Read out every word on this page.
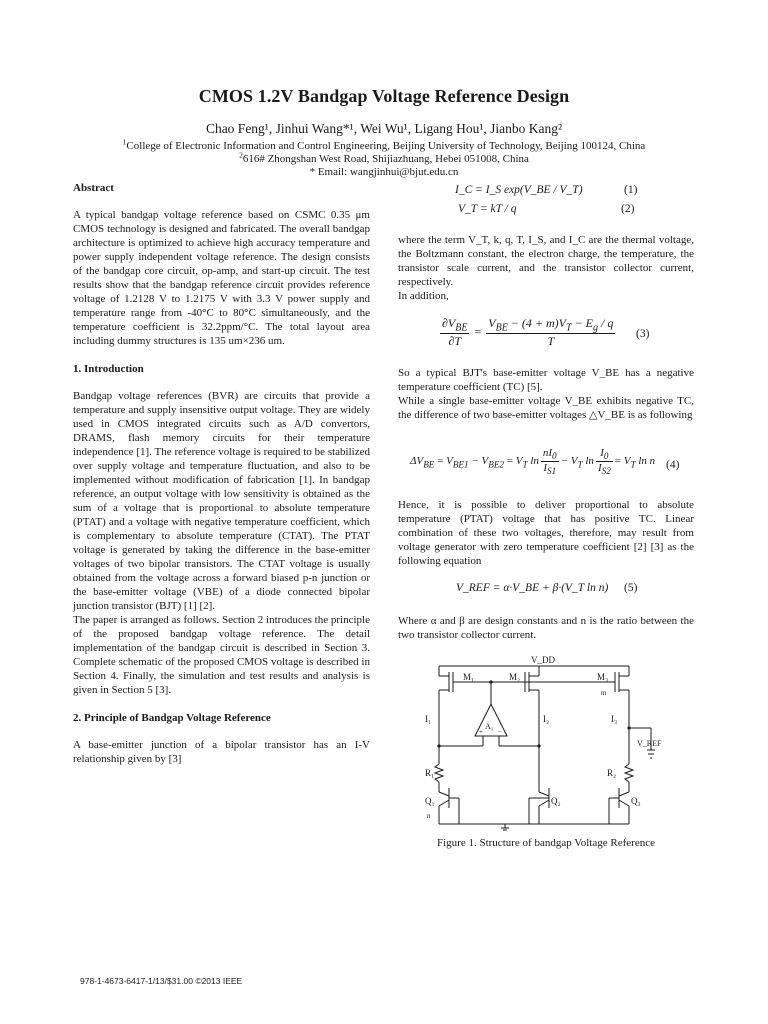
CMOS 1.2V Bandgap Voltage Reference Design
Chao Feng¹, Jinhui Wang*¹, Wei Wu¹, Ligang Hou¹, Jianbo Kang²
$^1$College of Electronic Information and Control Engineering, Beijing University of Technology, Beijing 100124, China
$^2$616# Zhongshan West Road, Shijiazhuang, Hebei 051008, China
* Email: wangjinhui@bjut.edu.cn

Abstract

A typical bandgap voltage reference based on CSMC 0.35 μm CMOS technology is designed and fabricated. The overall bandgap architecture is optimized to achieve high accuracy temperature and power supply independent voltage reference. The design consists of the bandgap core circuit, op-amp, and start-up circuit. The test results show that the bandgap reference circuit provides reference voltage of 1.2128 V to 1.2175 V with 3.3 V power supply and temperature range from -40°C to 80°C simultaneously, and the temperature coefficient is 32.2ppm/°C. The total layout area including dummy structures is 135 um×236 um.

1. Introduction

Bandgap voltage references (BVR) are circuits that provide a temperature and supply insensitive output voltage. They are widely used in CMOS integrated circuits such as A/D convertors, DRAMS, flash memory circuits for their temperature independence [1]. The reference voltage is required to be stabilized over supply voltage and temperature fluctuation, and also to be implemented without modification of fabrication [1]. In bandgap reference, an output voltage with low sensitivity is obtained as the sum of a voltage that is proportional to absolute temperature (PTAT) and a voltage with negative temperature coefficient, which is complementary to absolute temperature (CTAT). The PTAT voltage is generated by taking the difference in the base-emitter voltages of two bipolar transistors. The CTAT voltage is usually obtained from the voltage across a forward biased p-n junction or the base-emitter voltage (VBE) of a diode connected bipolar junction transistor (BJT) [1] [2].

The paper is arranged as follows. Section 2 introduces the principle of the proposed bandgap voltage reference. The detail implementation of the bandgap circuit is described in Section 3. Complete schematic of the proposed CMOS voltage is described in Section 4. Finally, the simulation and test results and analysis is given in Section 5 [3].

2. Principle of Bandgap Voltage Reference

A base-emitter junction of a bipolar transistor has an I-V relationship given by [3]

I_C = I_S exp(V_BE / V_T)	(1)
V_T = kT / q	(2)

where the term V_T, k, q, T, I_S, and I_C are the thermal voltage, the Boltzmann constant, the electron charge, the temperature, the transistor scale current, and the transistor collector current, respectively.

In addition,

$\frac{\partial V_{BE}}{\partial T} = \frac{V_{BE} - (4 + m)V_T - E_g / q}{T} (3)$

So a typical BJT's base-emitter voltage V_BE has a negative temperature coefficient (TC) [5].

While a single base-emitter voltage V_BE exhibits negative TC, the difference of two base-emitter voltages △V_BE is as following

$\Delta V_{BE} = V_{BE1} - V_{BE2} = V_T$ $\ln \frac{nI_0}{I_{S1}} - V_T$ $\ln \frac{I_0}{I_{S2}} = V_T$ ln n (4)

Hence, it is possible to deliver proportional to absolute temperature (PTAT) voltage that has positive TC. Linear combination of these two voltages, therefore, may result from voltage generator with zero temperature coefficient [2] [3] as the following equation

V_REF = α·V_BE + β·(V_T ln n) (5)

Where α and β are design constants and n is the ratio between the two transistor collector current.

V_DD
M₁	M₂	M₃
m
I₁	I₂	I₃
A₁
+ −
V_REF
R₁	R₂
Q₁	Q₂	Q₃
n
Figure 1. Structure of bandgap Voltage Reference
978-1-4673-6417-1/13/$31.00 ©2013 IEEE
